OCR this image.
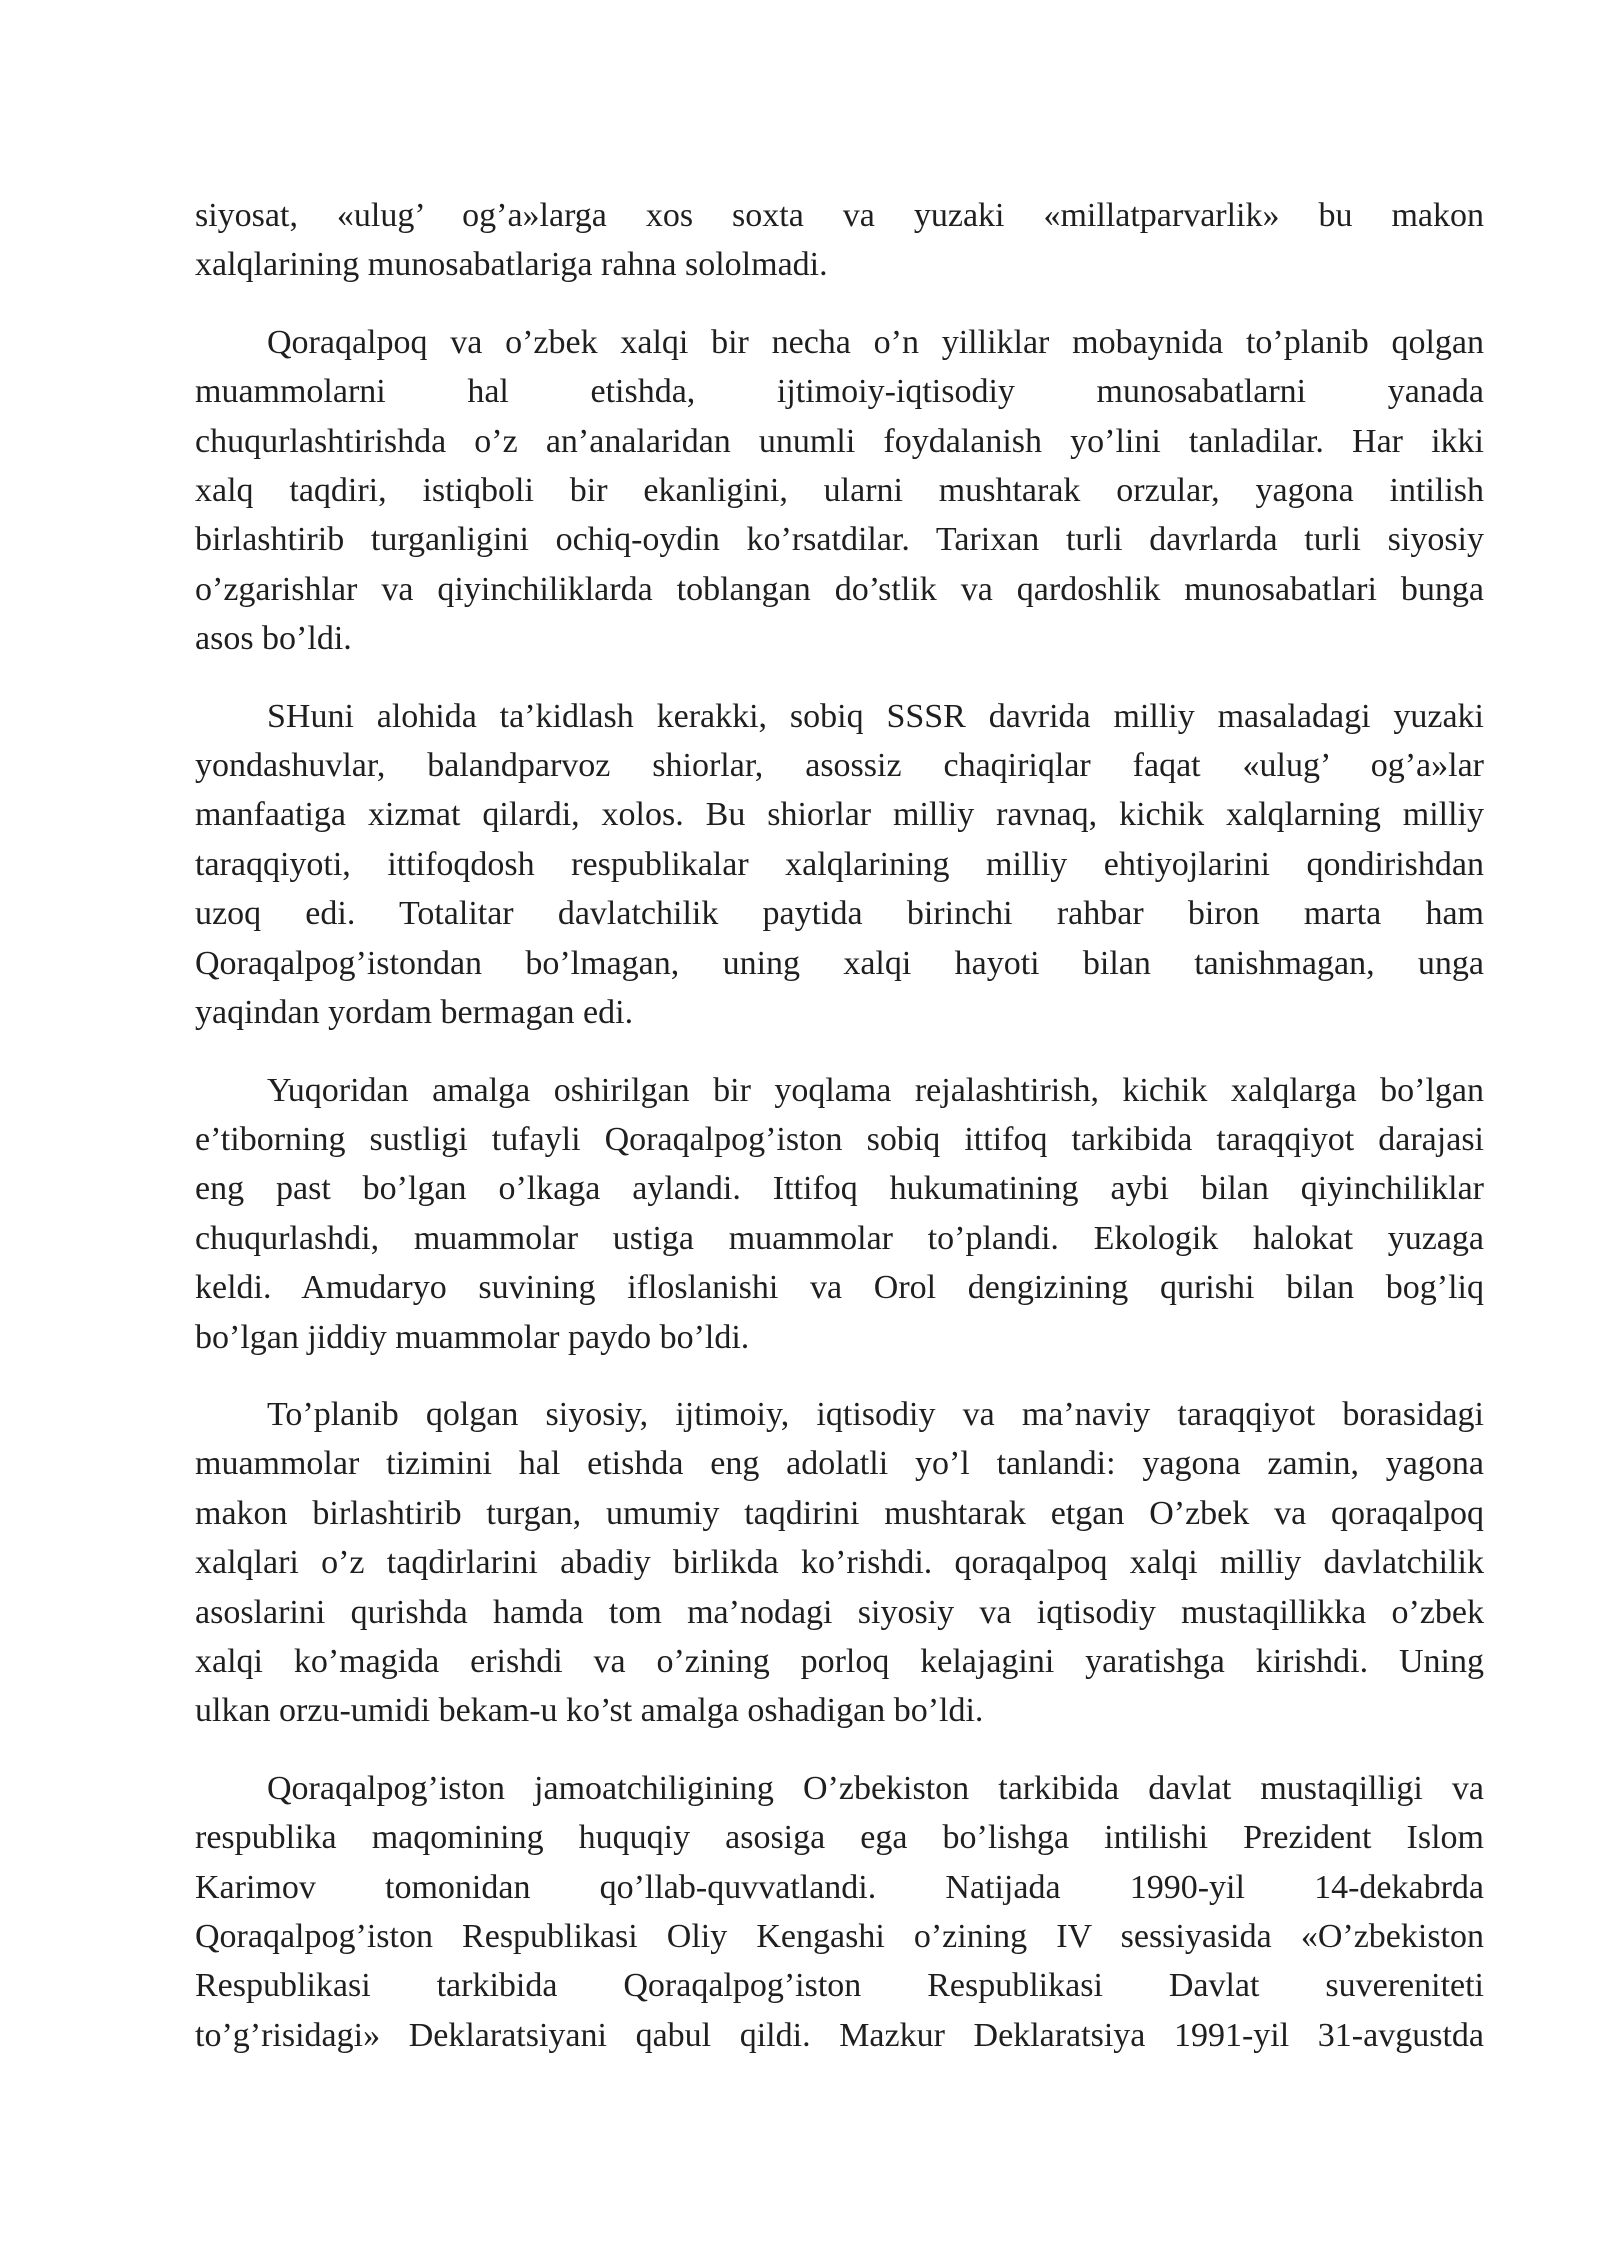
siyosat, «ulug’ og’a»larga xos soxta va yuzaki «millatparvarlik» bu makon
xalqlarining munosabatlariga rahna sololmadi.

Qoraqalpoq va o’zbek xalqi bir necha o’n yilliklar mobaynida to’planib qolgan
muammolarni hal etishda, ijtimoiy-iqtisodiy munosabatlarni yanada
chuqurlashtirishda o’z an’analaridan unumli foydalanish yo’lini tanladilar. Har ikki
xalq taqdiri, istiqboli bir ekanligini, ularni mushtarak orzular, yagona intilish
birlashtirib turganligini ochiq-oydin ko’rsatdilar. Tarixan turli davrlarda turli siyosiy
o’zgarishlar va qiyinchiliklarda toblangan do’stlik va qardoshlik munosabatlari bunga
asos bo’ldi.

SHuni alohida ta’kidlash kerakki, sobiq SSSR davrida milliy masaladagi yuzaki
yondashuvlar, balandparvoz shiorlar, asossiz chaqiriqlar faqat «ulug’ og’a»lar
manfaatiga xizmat qilardi, xolos. Bu shiorlar milliy ravnaq, kichik xalqlarning milliy
taraqqiyoti, ittifoqdosh respublikalar xalqlarining milliy ehtiyojlarini qondirishdan
uzoq edi. Totalitar davlatchilik paytida birinchi rahbar biron marta ham
Qoraqalpog’istondan bo’lmagan, uning xalqi hayoti bilan tanishmagan, unga
yaqindan yordam bermagan edi.

Yuqoridan amalga oshirilgan bir yoqlama rejalashtirish, kichik xalqlarga bo’lgan
e’tiborning sustligi tufayli Qoraqalpog’iston sobiq ittifoq tarkibida taraqqiyot darajasi
eng past bo’lgan o’lkaga aylandi. Ittifoq hukumatining aybi bilan qiyinchiliklar
chuqurlashdi, muammolar ustiga muammolar to’plandi. Ekologik halokat yuzaga
keldi. Amudaryo suvining ifloslanishi va Orol dengizining qurishi bilan bog’liq
bo’lgan jiddiy muammolar paydo bo’ldi.

To’planib qolgan siyosiy, ijtimoiy, iqtisodiy va ma’naviy taraqqiyot borasidagi
muammolar tizimini hal etishda eng adolatli yo’l tanlandi: yagona zamin, yagona
makon birlashtirib turgan, umumiy taqdirini mushtarak etgan O’zbek va qoraqalpoq
xalqlari o’z taqdirlarini abadiy birlikda ko’rishdi. qoraqalpoq xalqi milliy davlatchilik
asoslarini qurishda hamda tom ma’nodagi siyosiy va iqtisodiy mustaqillikka o’zbek
xalqi ko’magida erishdi va o’zining porloq kelajagini yaratishga kirishdi. Uning
ulkan orzu-umidi bekam-u ko’st amalga oshadigan bo’ldi.

Qoraqalpog’iston jamoatchiligining O’zbekiston tarkibida davlat mustaqilligi va
respublika maqomining huquqiy asosiga ega bo’lishga intilishi Prezident Islom
Karimov tomonidan qo’llab-quvvatlandi. Natijada 1990-yil 14-dekabrda
Qoraqalpog’iston Respublikasi Oliy Kengashi o’zining IV sessiyasida «O’zbekiston
Respublikasi tarkibida Qoraqalpog’iston Respublikasi Davlat suvereniteti
to’g’risidagi» Deklaratsiyani qabul qildi. Mazkur Deklaratsiya 1991-yil 31-avgustda
